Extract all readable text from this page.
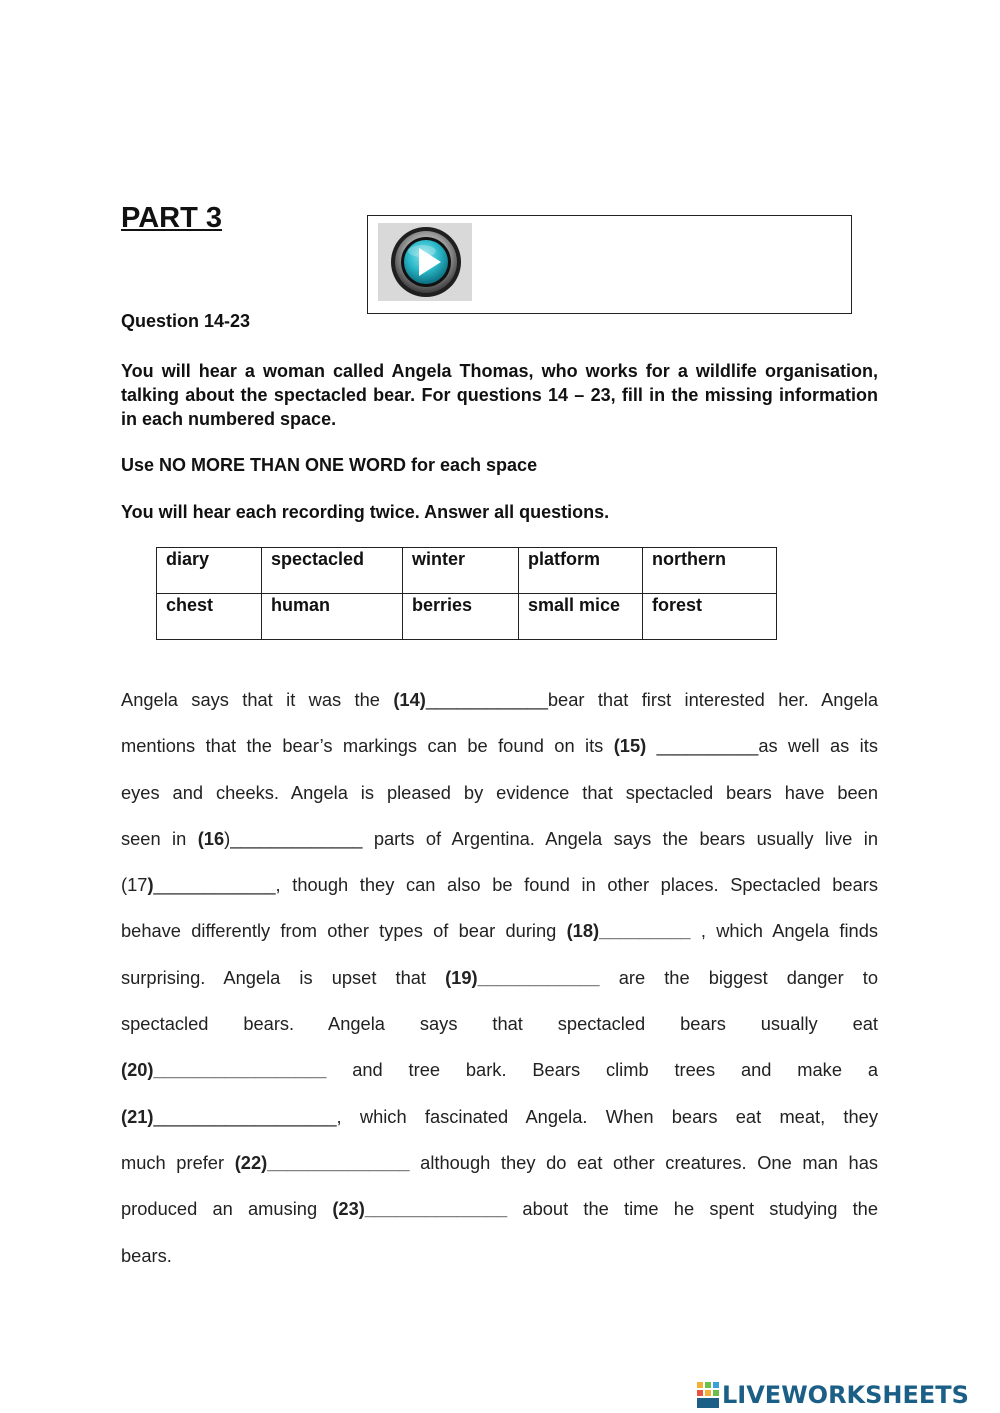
PART 3

Question 14-23

You will hear a woman called Angela Thomas, who works for a wildlife organisation, talking about the spectacled bear. For questions 14 – 23, fill in the missing information in each numbered space.

Use NO MORE THAN ONE WORD for each space

You will hear each recording twice. Answer all questions.

diary	spectacled	winter	platform	northern
chest	human	berries	small mice	forest
Angela says that it was the (14)____________bear that first interested her. Angela
mentions that the bear’s markings can be found on its (15) __________as well as its
eyes and cheeks. Angela is pleased by evidence that spectacled bears have been
seen in (16)_____________ parts of Argentina. Angela says the bears usually live in
(17)____________, though they can also be found in other places. Spectacled bears
behave differently from other types of bear during (18)_________ , which Angela finds
surprising. Angela is upset that (19)____________ are the biggest danger to
spectacled bears. Angela says that spectacled bears usually eat
(20)_________________ and tree bark. Bears climb trees and make a
(21)__________________, which fascinated Angela. When bears eat meat, they
much prefer (22)______________ although they do eat other creatures. One man has
produced an amusing (23)______________ about the time he spent studying the
bears.
LIVEWORKSHEETS
